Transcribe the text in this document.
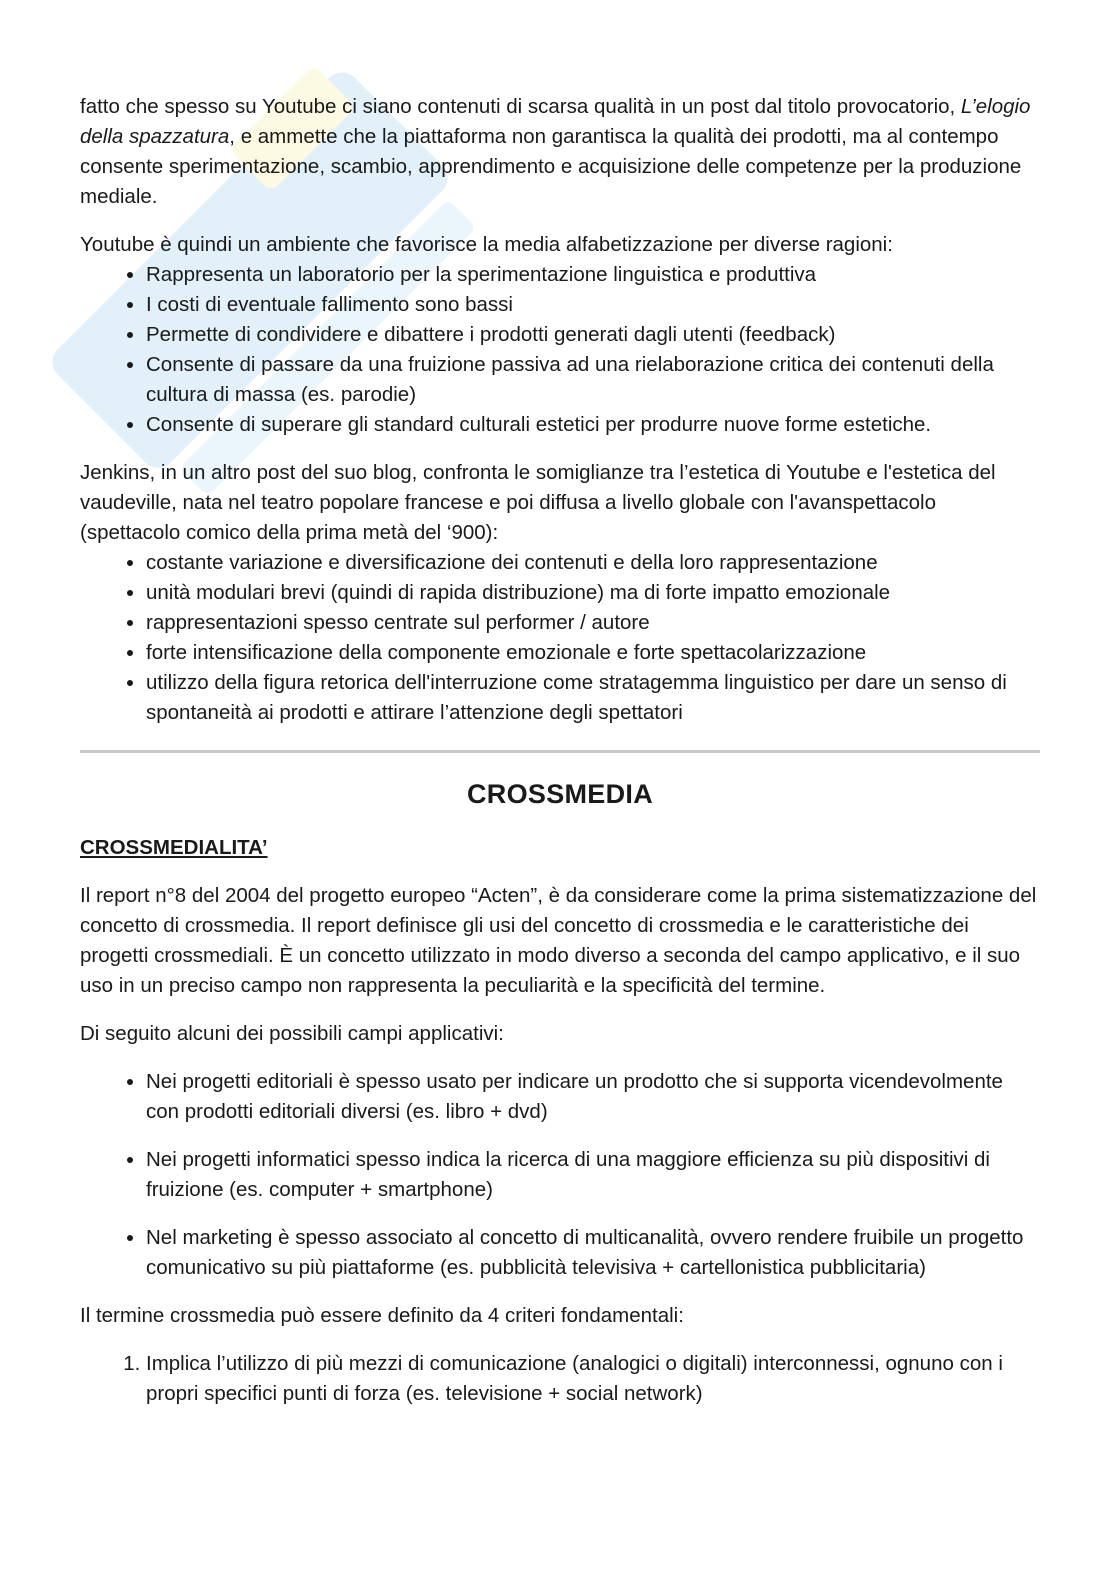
fatto che spesso su Youtube ci siano contenuti di scarsa qualità in un post dal titolo provocatorio, L’elogio della spazzatura, e ammette che la piattaforma non garantisca la qualità dei prodotti, ma al contempo consente sperimentazione, scambio, apprendimento e acquisizione delle competenze per la produzione mediale.

Youtube è quindi un ambiente che favorisce la media alfabetizzazione per diverse ragioni:

• Rappresenta un laboratorio per la sperimentazione linguistica e produttiva
• I costi di eventuale fallimento sono bassi
• Permette di condividere e dibattere i prodotti generati dagli utenti (feedback)
• Consente di passare da una fruizione passiva ad una rielaborazione critica dei contenuti della cultura di massa (es. parodie)
• Consente di superare gli standard culturali estetici per produrre nuove forme estetiche.

Jenkins, in un altro post del suo blog, confronta le somiglianze tra l’estetica di Youtube e l'estetica del vaudeville, nata nel teatro popolare francese e poi diffusa a livello globale con l'avanspettacolo (spettacolo comico della prima metà del ‘900):

• costante variazione e diversificazione dei contenuti e della loro rappresentazione
• unità modulari brevi (quindi di rapida distribuzione) ma di forte impatto emozionale
• rappresentazioni spesso centrate sul performer / autore
• forte intensificazione della componente emozionale e forte spettacolarizzazione
• utilizzo della figura retorica dell'interruzione come stratagemma linguistico per dare un senso di spontaneità ai prodotti e attirare l’attenzione degli spettatori
CROSSMEDIA
CROSSMEDIALITA’

Il report n°8 del 2004 del progetto europeo “Acten”, è da considerare come la prima sistematizzazione del concetto di crossmedia. Il report definisce gli usi del concetto di crossmedia e le caratteristiche dei progetti crossmediali. È un concetto utilizzato in modo diverso a seconda del campo applicativo, e il suo uso in un preciso campo non rappresenta la peculiarità e la specificità del termine.

Di seguito alcuni dei possibili campi applicativi:

• Nei progetti editoriali è spesso usato per indicare un prodotto che si supporta vicendevolmente con prodotti editoriali diversi (es. libro + dvd)
• Nei progetti informatici spesso indica la ricerca di una maggiore efficienza su più dispositivi di fruizione (es. computer + smartphone)
• Nel marketing è spesso associato al concetto di multicanalità, ovvero rendere fruibile un progetto comunicativo su più piattaforme (es. pubblicità televisiva + cartellonistica pubblicitaria)

Il termine crossmedia può essere definito da 4 criteri fondamentali:

1. Implica l’utilizzo di più mezzi di comunicazione (analogici o digitali) interconnessi, ognuno con i propri specifici punti di forza (es. televisione + social network)
